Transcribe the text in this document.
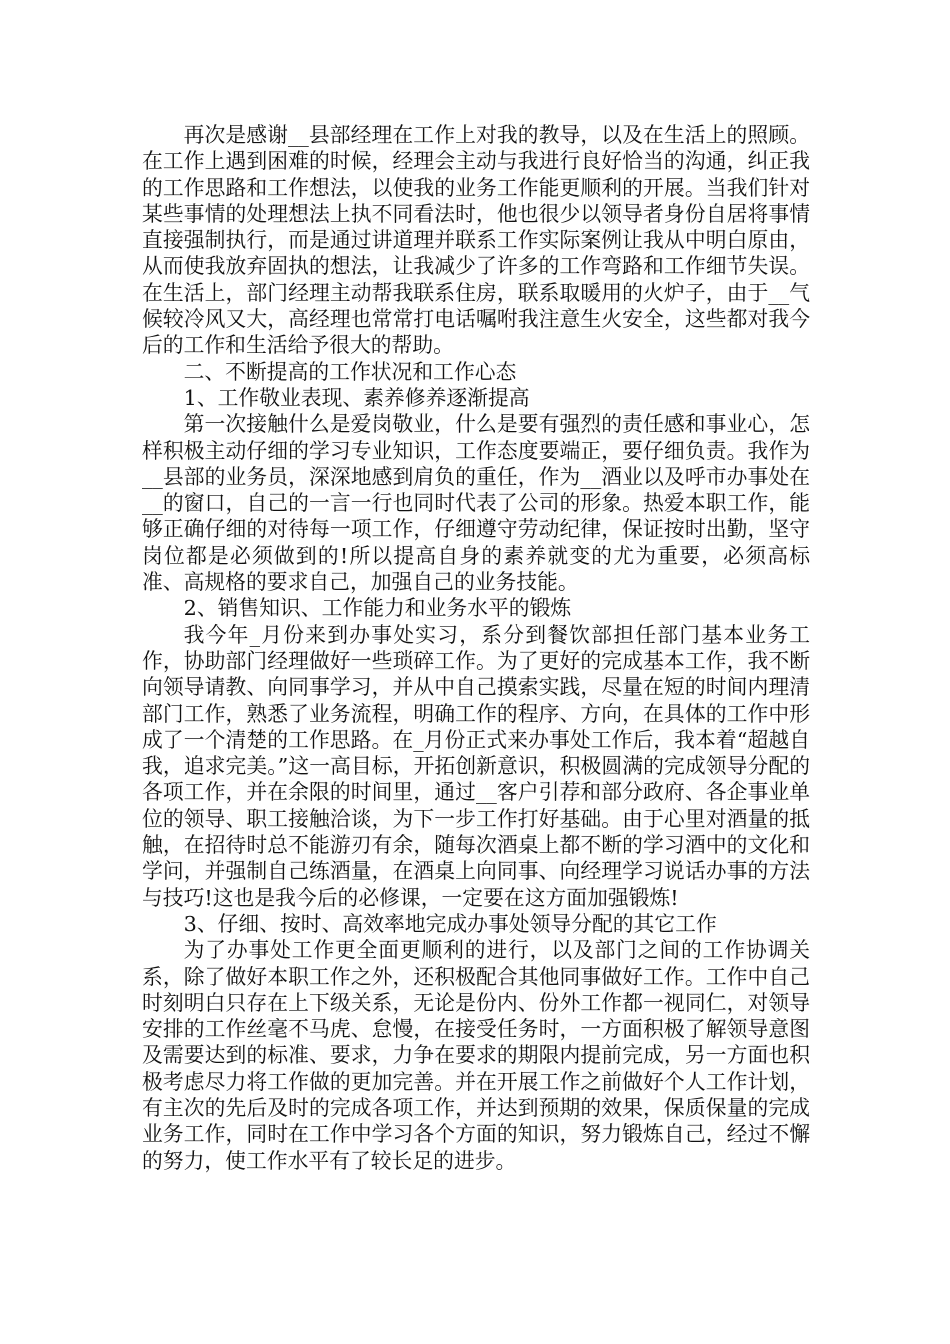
再次是感谢__县部经理在工作上对我的教导，以及在生活上的照顾。在工作上遇到困难的时候，经理会主动与我进行良好恰当的沟通，纠正我的工作思路和工作想法，以使我的业务工作能更顺利的开展。当我们针对某些事情的处理想法上执不同看法时，他也很少以领导者身份自居将事情直接强制执行，而是通过讲道理并联系工作实际案例让我从中明白原由，从而使我放弃固执的想法，让我减少了许多的工作弯路和工作细节失误。在生活上，部门经理主动帮我联系住房，联系取暖用的火炉子，由于__气候较冷风又大，高经理也常常打电话嘱咐我注意生火安全，这些都对我今后的工作和生活给予很大的帮助。

二、不断提高的工作状况和工作心态

1、工作敬业表现、素养修养逐渐提高

第一次接触什么是爱岗敬业，什么是要有强烈的责任感和事业心，怎样积极主动仔细的学习专业知识，工作态度要端正，要仔细负责。我作为__县部的业务员，深深地感到肩负的重任，作为__酒业以及呼市办事处在__的窗口，自己的一言一行也同时代表了公司的形象。热爱本职工作，能够正确仔细的对待每一项工作，仔细遵守劳动纪律，保证按时出勤，坚守岗位都是必须做到的!所以提高自身的素养就变的尤为重要，必须高标准、高规格的要求自己，加强自己的业务技能。

2、销售知识、工作能力和业务水平的锻炼

我今年_月份来到办事处实习，系分到餐饮部担任部门基本业务工作，协助部门经理做好一些琐碎工作。为了更好的完成基本工作，我不断向领导请教、向同事学习，并从中自己摸索实践，尽量在短的时间内理清部门工作，熟悉了业务流程，明确工作的程序、方向，在具体的工作中形成了一个清楚的工作思路。在_月份正式来办事处工作后，我本着“超越自我，追求完美。”这一高目标，开拓创新意识，积极圆满的完成领导分配的各项工作，并在余限的时间里，通过__客户引荐和部分政府、各企事业单位的领导、职工接触洽谈，为下一步工作打好基础。由于心里对酒量的抵触，在招待时总不能游刃有余，随每次酒桌上都不断的学习酒中的文化和学问，并强制自己练酒量，在酒桌上向同事、向经理学习说话办事的方法与技巧!这也是我今后的必修课，一定要在这方面加强锻炼!

3、仔细、按时、高效率地完成办事处领导分配的其它工作

为了办事处工作更全面更顺利的进行，以及部门之间的工作协调关系，除了做好本职工作之外，还积极配合其他同事做好工作。工作中自己时刻明白只存在上下级关系，无论是份内、份外工作都一视同仁，对领导安排的工作丝毫不马虎、怠慢，在接受任务时，一方面积极了解领导意图及需要达到的标准、要求，力争在要求的期限内提前完成，另一方面也积极考虑尽力将工作做的更加完善。并在开展工作之前做好个人工作计划，有主次的先后及时的完成各项工作，并达到预期的效果，保质保量的完成业务工作，同时在工作中学习各个方面的知识，努力锻炼自己，经过不懈的努力，使工作水平有了较长足的进步。
